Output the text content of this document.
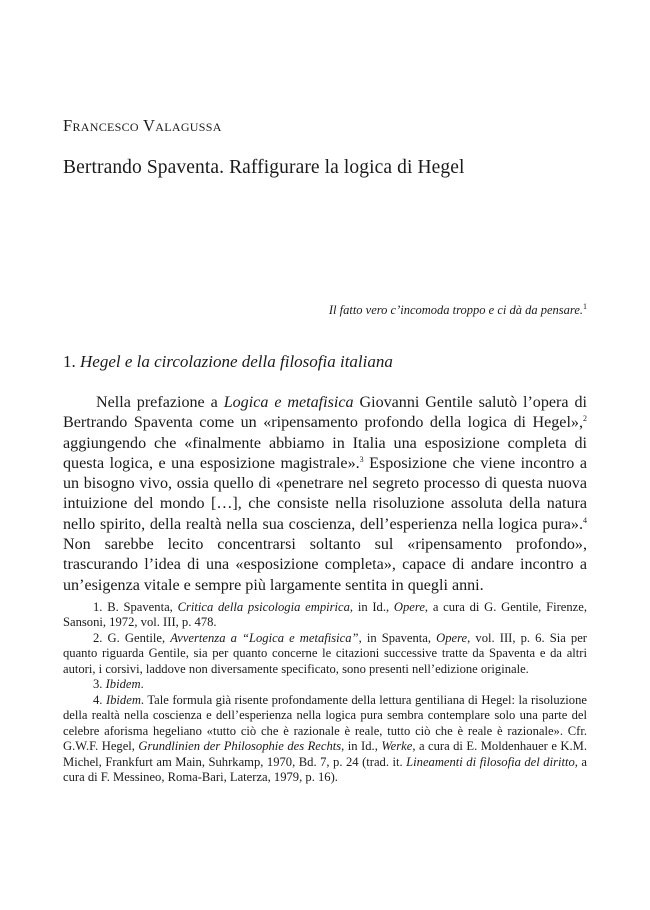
Francesco Valagussa
Bertrando Spaventa. Raffigurare la logica di Hegel
Il fatto vero c’incomoda troppo e ci dà da pensare.$^1$
1. Hegel e la circolazione della filosofia italiana

Nella prefazione a Logica e metafisica Giovanni Gentile salutò l’opera di Bertrando Spaventa come un «ripensamento profondo della logica di Hegel»,$^2$ aggiungendo che «finalmente abbiamo in Italia una esposizione completa di questa logica, e una esposizione magistrale».$^3$ Esposizione che viene incontro a un bisogno vivo, ossia quello di «penetrare nel segreto processo di questa nuova intuizione del mondo […], che consiste nella risoluzione assoluta della natura nello spirito, della realtà nella sua coscienza, dell’esperienza nella logica pura».$^4$ Non sarebbe lecito concentrarsi soltanto sul «ripensamento profondo», trascurando l’idea di una «esposizione completa», capace di andare incontro a un’esigenza vitale e sempre più largamente sentita in quegli anni.

1. B. Spaventa, Critica della psicologia empirica, in Id., Opere, a cura di G. Gentile, Firenze, Sansoni, 1972, vol. III, p. 478.

2. G. Gentile, Avvertenza a “Logica e metafisica”, in Spaventa, Opere, vol. III, p. 6. Sia per quanto riguarda Gentile, sia per quanto concerne le citazioni successive tratte da Spaventa e da altri autori, i corsivi, laddove non diversamente specificato, sono presenti nell’edizione originale.

3. Ibidem.

4. Ibidem. Tale formula già risente profondamente della lettura gentiliana di Hegel: la risoluzione della realtà nella coscienza e dell’esperienza nella logica pura sembra contemplare solo una parte del celebre aforisma hegeliano «tutto ciò che è razionale è reale, tutto ciò che è reale è razionale». Cfr. G.W.F. Hegel, Grundlinien der Philosophie des Rechts, in Id., Werke, a cura di E. Moldenhauer e K.M. Michel, Frankfurt am Main, Suhrkamp, 1970, Bd. 7, p. 24 (trad. it. Lineamenti di filosofia del diritto, a cura di F. Messineo, Roma-Bari, Laterza, 1979, p. 16).
